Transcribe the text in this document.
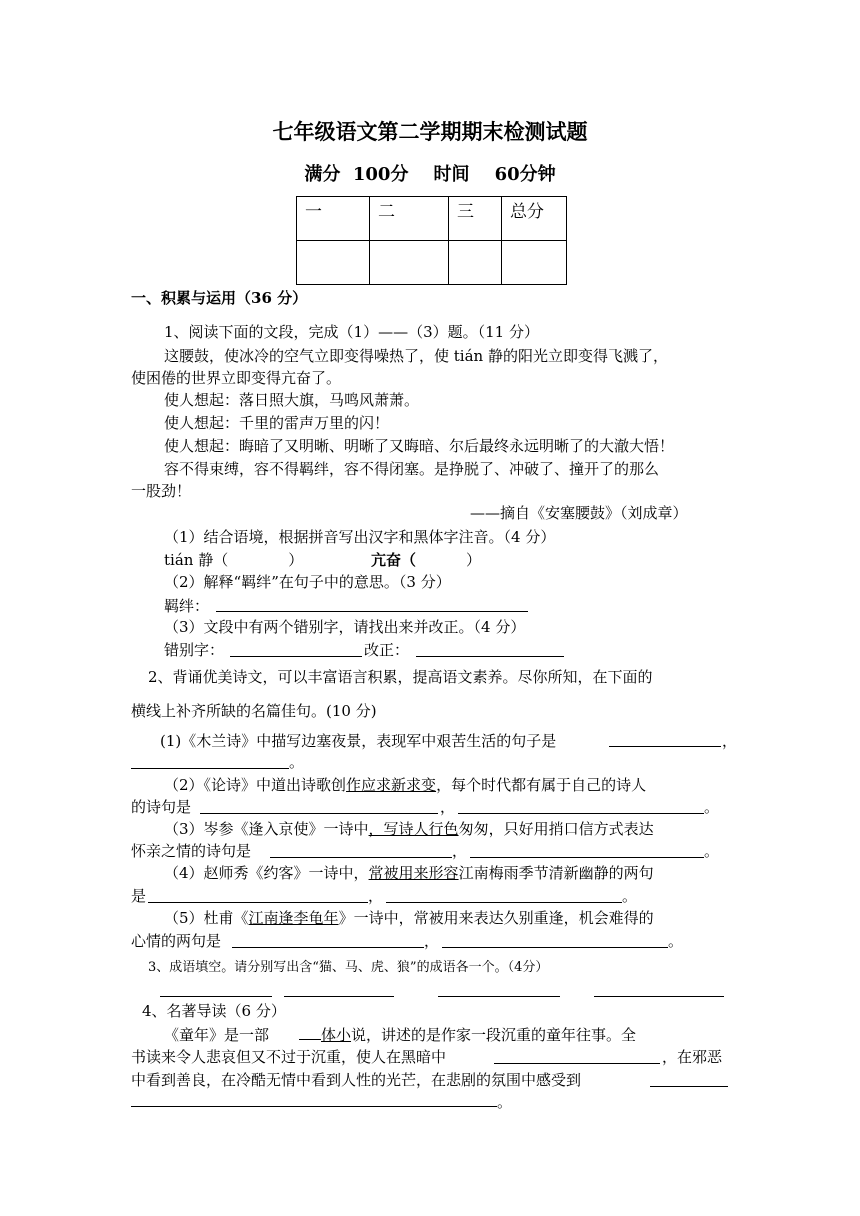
七年级语文第二学期期末检测试题
满分  100分    时间    60分钟
一	二	三	总分

一、积累与运用（36 分）
1、阅读下面的文段，完成（1）——（3）题。（11 分）
这腰鼓，使冰冷的空气立即变得噪热了，使 tián 静的阳光立即变得飞溅了，
使困倦的世界立即变得亢奋了。
使人想起：落日照大旗，马鸣风萧萧。
使人想起：千里的雷声万里的闪！
使人想起：晦暗了又明晰、明晰了又晦暗、尔后最终永远明晰了的大澈大悟！
容不得束缚，容不得羁绊，容不得闭塞。是挣脱了、冲破了、撞开了的那么
一股劲！
——摘自《安塞腰鼓》（刘成章）
（1）结合语境，根据拼音写出汉字和黑体字注音。（4 分）
tián 静（	）	亢奋（	）
（2）解释“羁绊”在句子中的意思。（3 分）
羁绊：
（3）文段中有两个错别字，请找出来并改正。（4 分）
错别字：	改正：
2、背诵优美诗文，可以丰富语言积累，提高语文素养。尽你所知，在下面的
横线上补齐所缺的名篇佳句。(10 分)
(1)《木兰诗》中描写边塞夜景，表现军中艰苦生活的句子是	，
。
（2）《论诗》中道出诗歌创作应求新求变，每个时代都有属于自己的诗人
的诗句是	，	。
（3）岑参《逢入京使》一诗中，写诗人行色匆匆，只好用捎口信方式表达
怀亲之情的诗句是	，	。
（4）赵师秀《约客》一诗中，常被用来形容江南梅雨季节清新幽静的两句
是	，	。
（5）杜甫《江南逢李龟年》一诗中，常被用来表达久别重逢，机会难得的
心情的两句是	，	。
3、成语填空。请分别写出含“猫、马、虎、狼”的成语各一个。（4分）
4、名著导读（6 分）
《童年》是一部	体小说，讲述的是作家一段沉重的童年往事。全
书读来令人悲哀但又不过于沉重，使人在黑暗中	，在邪恶
中看到善良，在冷酷无情中看到人性的光芒，在悲剧的氛围中感受到
。
